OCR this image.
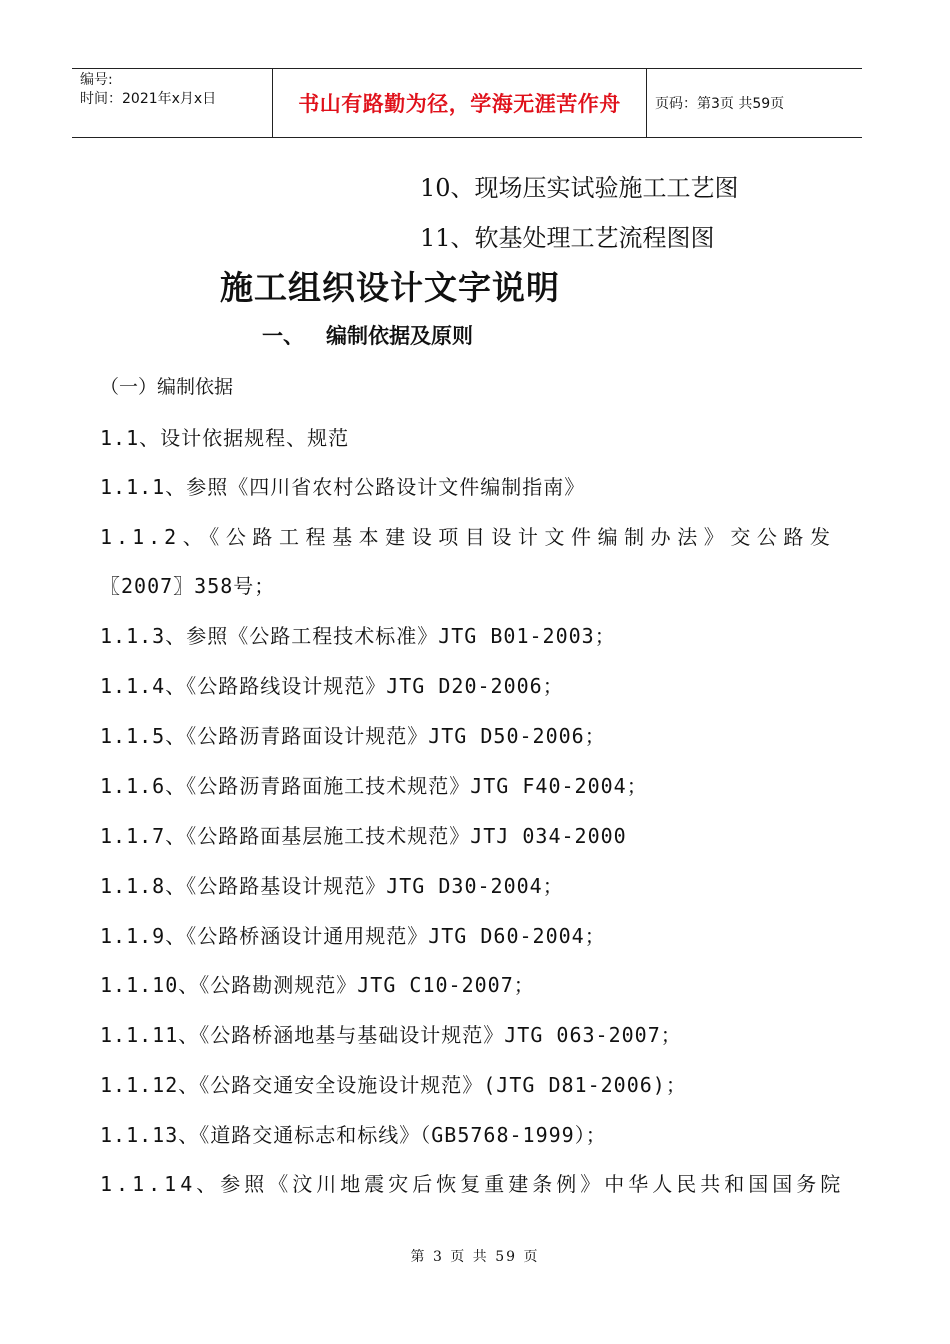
编号:
时间：2021年x月x日	书山有路勤为径，学海无涯苦作舟	页码：第3页 共59页
10、现场压实试验施工工艺图
11、软基处理工艺流程图图
施工组织设计文字说明
一、 编制依据及原则
（一）编制依据
1.1、设计依据规程、规范
1.1.1、参照《四川省农村公路设计文件编制指南》
1.1.2、《公路工程基本建设项目设计文件编制办法》交公路发
〖2007〗358号；
1.1.3、参照《公路工程技术标准》JTG B01-2003；
1.1.4、《公路路线设计规范》JTG D20-2006；
1.1.5、《公路沥青路面设计规范》JTG D50-2006；
1.1.6、《公路沥青路面施工技术规范》JTG F40-2004；
1.1.7、《公路路面基层施工技术规范》JTJ 034-2000
1.1.8、《公路路基设计规范》JTG D30-2004；
1.1.9、《公路桥涵设计通用规范》JTG D60-2004；
1.1.10、《公路勘测规范》JTG C10-2007；
1.1.11、《公路桥涵地基与基础设计规范》JTG 063-2007；
1.1.12、《公路交通安全设施设计规范》(JTG D81-2006)；
1.1.13、《道路交通标志和标线》（GB5768-1999）；
1.1.14、参照《汶川地震灾后恢复重建条例》中华人民共和国国务院
第 3 页 共 59 页
